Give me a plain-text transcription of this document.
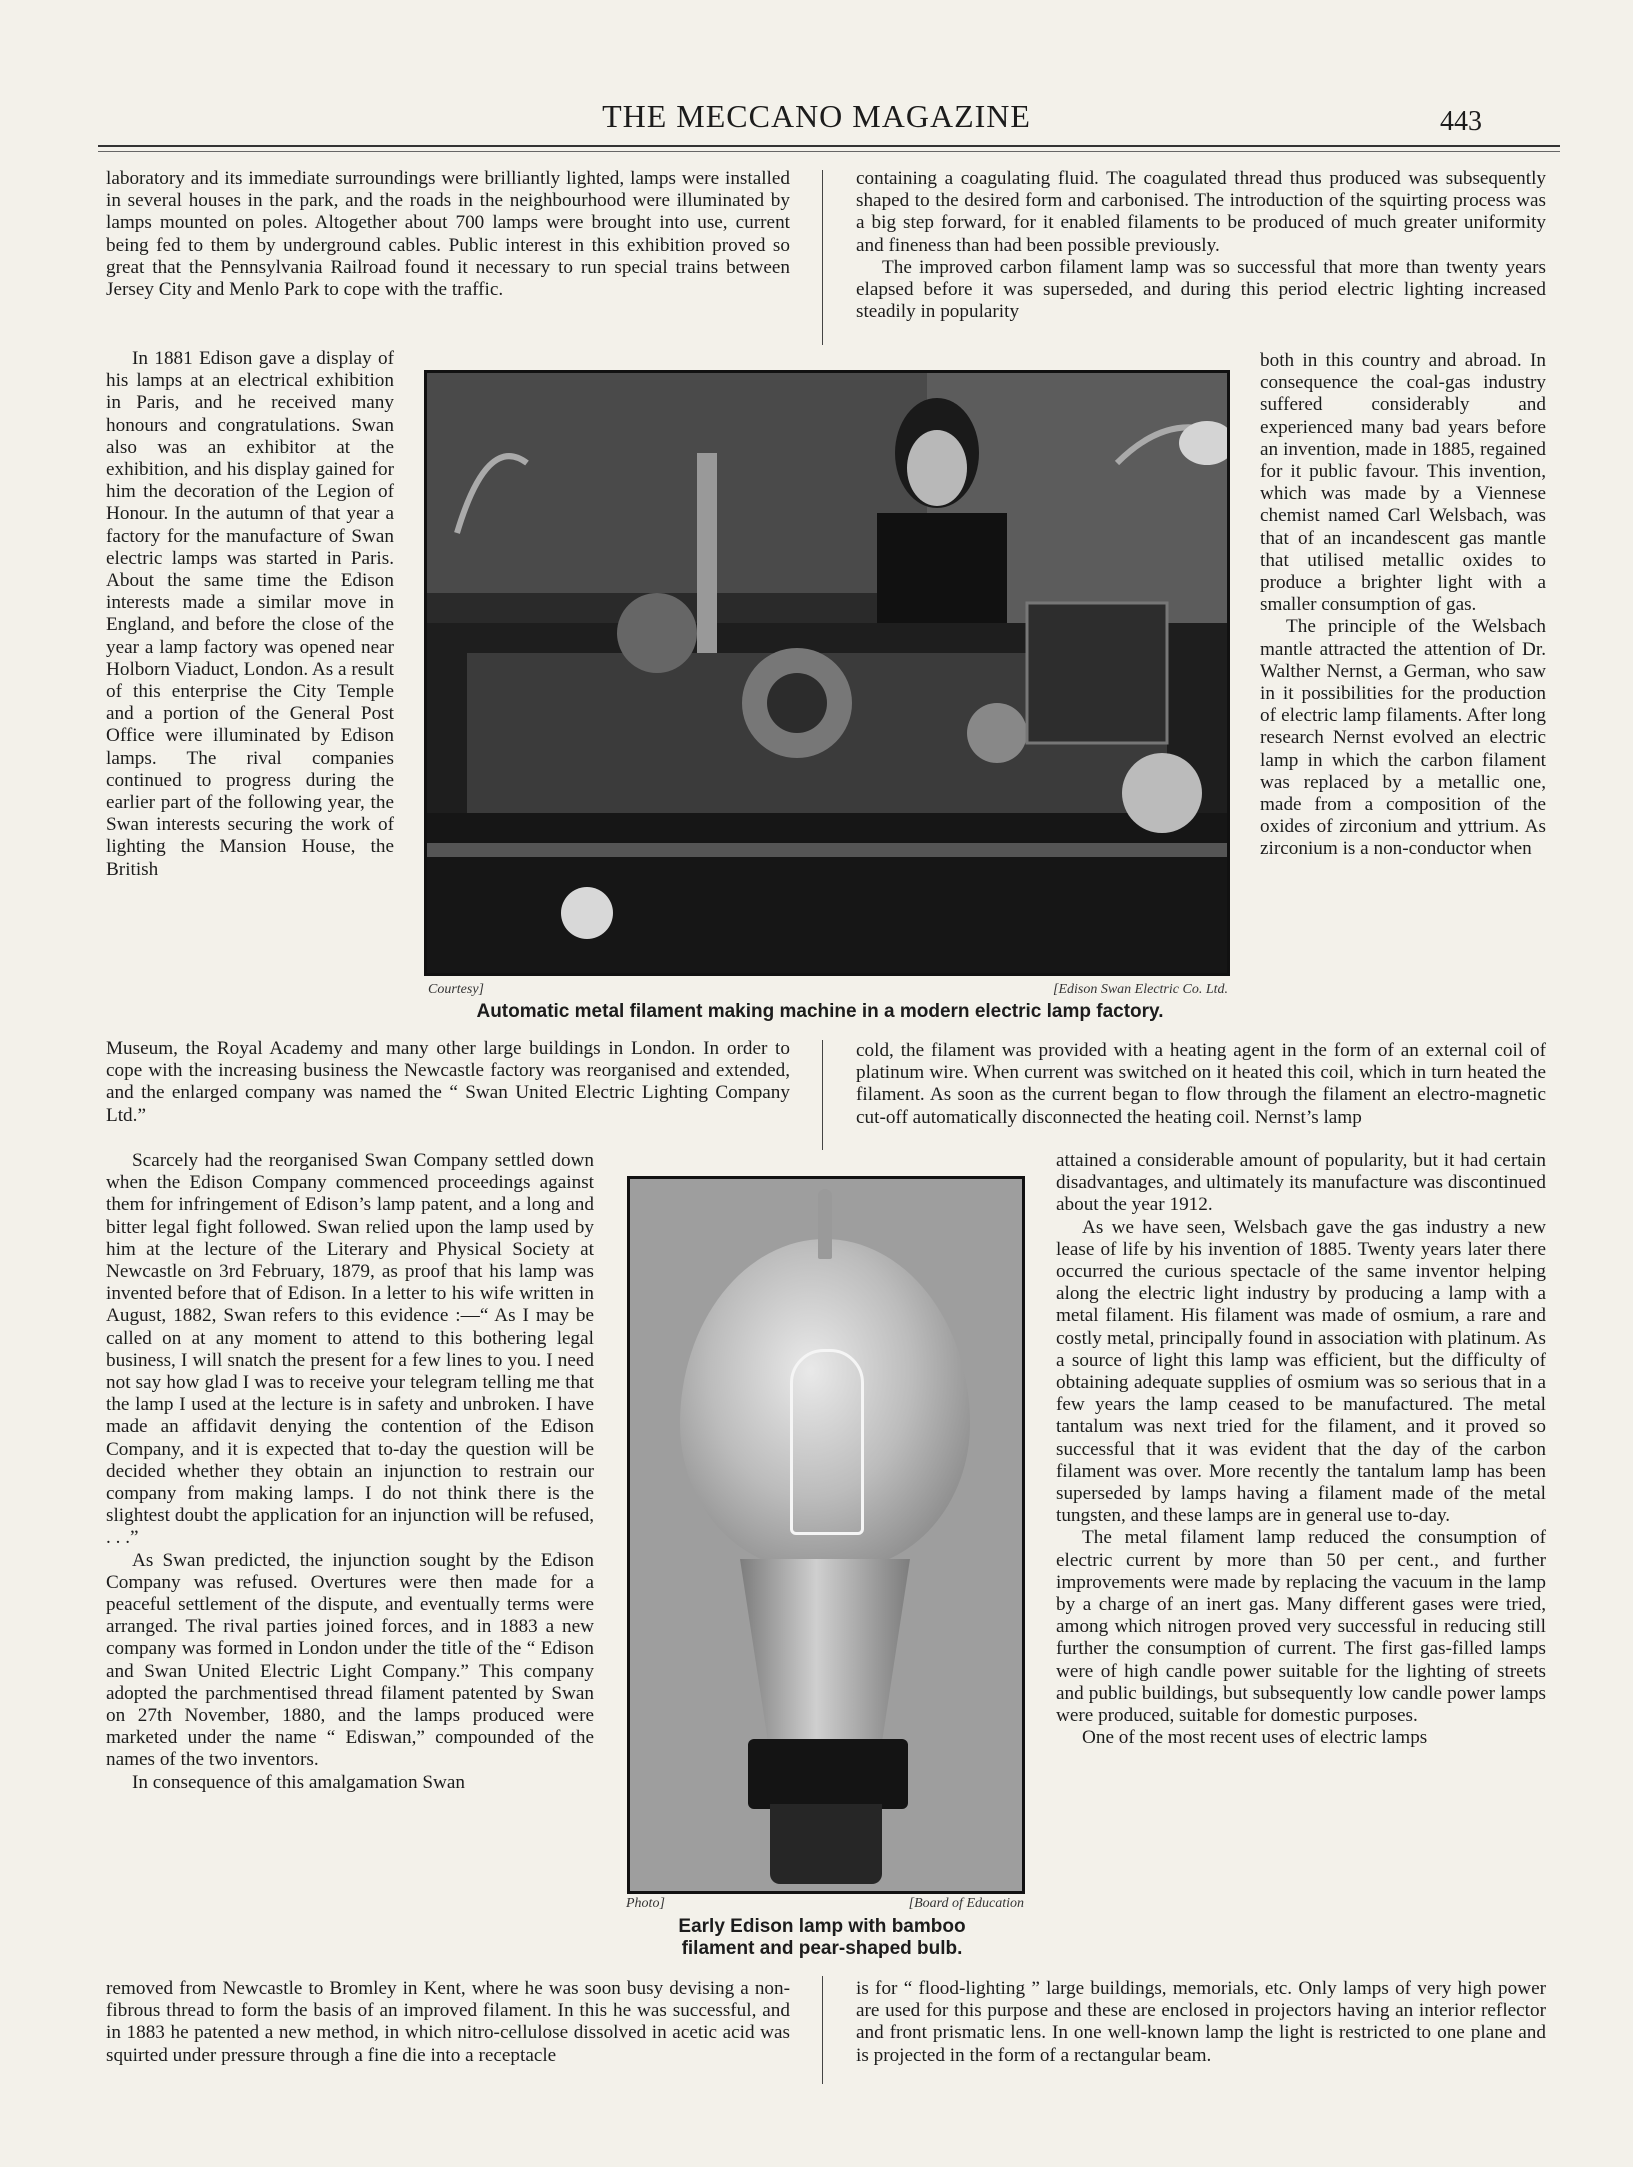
THE MECCANO MAGAZINE	443

laboratory and its immediate surroundings were brilliantly lighted, lamps were installed in several houses in the park, and the roads in the neighbourhood were illuminated by lamps mounted on poles. Altogether about 700 lamps were brought into use, current being fed to them by underground cables. Public interest in this exhibition proved so great that the Pennsylvania Railroad found it necessary to run special trains between Jersey City and Menlo Park to cope with the traffic.

In 1881 Edison gave a display of his lamps at an electrical exhibition in Paris, and he received many honours and congratulations. Swan also was an exhibitor at the exhibition, and his display gained for him the decoration of the Legion of Honour. In the autumn of that year a factory for the manufacture of Swan electric lamps was started in Paris. About the same time the Edison interests made a similar move in England, and before the close of the year a lamp factory was opened near Holborn Viaduct, London. As a result of this enterprise the City Temple and a portion of the General Post Office were illuminated by Edison lamps. The rival companies continued to progress during the earlier part of the following year, the Swan interests securing the work of lighting the Mansion House, the British

Courtesy]	[Edison Swan Electric Co. Ltd.
Automatic metal filament making machine in a modern electric lamp factory.

Museum, the Royal Academy and many other large buildings in London. In order to cope with the increasing business the Newcastle factory was reorganised and extended, and the enlarged company was named the “ Swan United Electric Lighting Company Ltd.”

Scarcely had the reorganised Swan Company settled down when the Edison Company commenced proceedings against them for infringement of Edison’s lamp patent, and a long and bitter legal fight followed. Swan relied upon the lamp used by him at the lecture of the Literary and Physical Society at Newcastle on 3rd February, 1879, as proof that his lamp was invented before that of Edison. In a letter to his wife written in August, 1882, Swan refers to this evidence :—“ As I may be called on at any moment to attend to this bothering legal business, I will snatch the present for a few lines to you. I need not say how glad I was to receive your telegram telling me that the lamp I used at the lecture is in safety and unbroken. I have made an affidavit denying the contention of the Edison Company, and it is expected that to-day the question will be decided whether they obtain an injunction to restrain our company from making lamps. I do not think there is the slightest doubt the application for an injunction will be refused, . . .”

As Swan predicted, the injunction sought by the Edison Company was refused. Overtures were then made for a peaceful settlement of the dispute, and eventually terms were arranged. The rival parties joined forces, and in 1883 a new company was formed in London under the title of the “ Edison and Swan United Electric Light Company.” This company adopted the parchmentised thread filament patented by Swan on 27th November, 1880, and the lamps produced were marketed under the name “ Ediswan,” compounded of the names of the two inventors.

In consequence of this amalgamation Swan

Photo]	[Board of Education
Early Edison lamp with bamboo
filament and pear-shaped bulb.

removed from Newcastle to Bromley in Kent, where he was soon busy devising a non-fibrous thread to form the basis of an improved filament. In this he was successful, and in 1883 he patented a new method, in which nitro-cellulose dissolved in acetic acid was squirted under pressure through a fine die into a receptacle

containing a coagulating fluid. The coagulated thread thus produced was subsequently shaped to the desired form and carbonised. The introduction of the squirting process was a big step forward, for it enabled filaments to be produced of much greater uniformity and fineness than had been possible previously.

The improved carbon filament lamp was so successful that more than twenty years elapsed before it was superseded, and during this period electric lighting increased steadily in popularity

both in this country and abroad. In consequence the coal-gas industry suffered considerably and experienced many bad years before an invention, made in 1885, regained for it public favour. This invention, which was made by a Viennese chemist named Carl Welsbach, was that of an incandescent gas mantle that utilised metallic oxides to produce a brighter light with a smaller consumption of gas.

The principle of the Welsbach mantle attracted the attention of Dr. Walther Nernst, a German, who saw in it possibilities for the production of electric lamp filaments. After long research Nernst evolved an electric lamp in which the carbon filament was replaced by a metallic one, made from a composition of the oxides of zirconium and yttrium. As zirconium is a non-conductor when

cold, the filament was provided with a heating agent in the form of an external coil of platinum wire. When current was switched on it heated this coil, which in turn heated the filament. As soon as the current began to flow through the filament an electro-magnetic cut-off automatically disconnected the heating coil. Nernst’s lamp

attained a considerable amount of popularity, but it had certain disadvantages, and ultimately its manufacture was discontinued about the year 1912.

As we have seen, Welsbach gave the gas industry a new lease of life by his invention of 1885. Twenty years later there occurred the curious spectacle of the same inventor helping along the electric light industry by producing a lamp with a metal filament. His filament was made of osmium, a rare and costly metal, principally found in association with platinum. As a source of light this lamp was efficient, but the difficulty of obtaining adequate supplies of osmium was so serious that in a few years the lamp ceased to be manufactured. The metal tantalum was next tried for the filament, and it proved so successful that it was evident that the day of the carbon filament was over. More recently the tantalum lamp has been superseded by lamps having a filament made of the metal tungsten, and these lamps are in general use to-day.

The metal filament lamp reduced the consumption of electric current by more than 50 per cent., and further improvements were made by replacing the vacuum in the lamp by a charge of an inert gas. Many different gases were tried, among which nitrogen proved very successful in reducing still further the consumption of current. The first gas-filled lamps were of high candle power suitable for the lighting of streets and public buildings, but subsequently low candle power lamps were produced, suitable for domestic purposes.

One of the most recent uses of electric lamps

is for “ flood-lighting ” large buildings, memorials, etc. Only lamps of very high power are used for this purpose and these are enclosed in projectors having an interior reflector and front prismatic lens. In one well-known lamp the light is restricted to one plane and is projected in the form of a rectangular beam.
